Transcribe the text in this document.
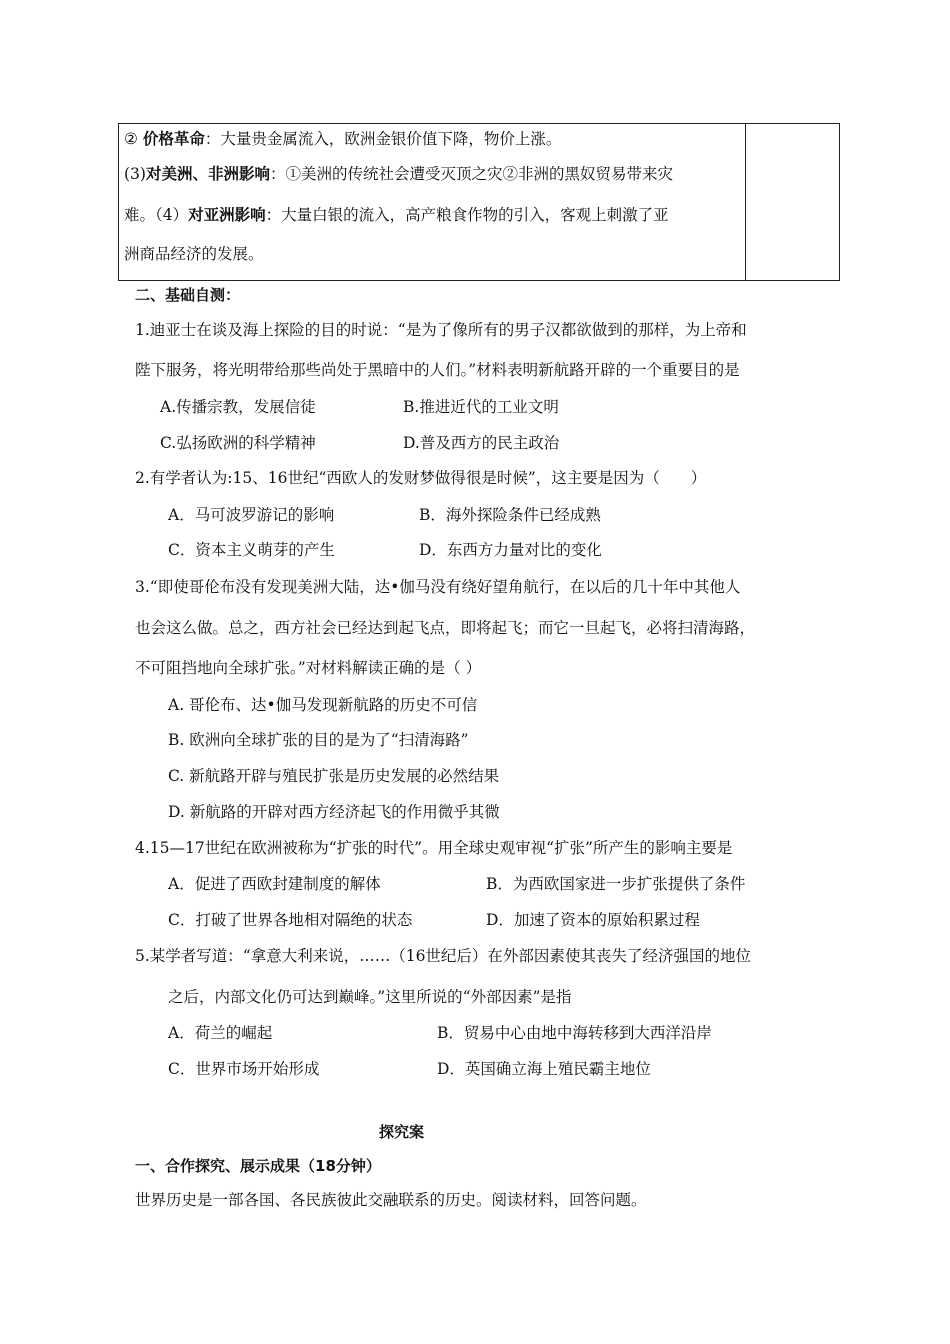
② 价格革命：大量贵金属流入，欧洲金银价值下降，物价上涨。
(3)对美洲、非洲影响：①美洲的传统社会遭受灭顶之灾②非洲的黑奴贸易带来灾
难。（4）对亚洲影响：大量白银的流入，高产粮食作物的引入，客观上刺激了亚
洲商品经济的发展。
二、基础自测：
1.迪亚士在谈及海上探险的目的时说：“是为了像所有的男子汉都欲做到的那样，为上帝和
陛下服务，将光明带给那些尚处于黑暗中的人们。”材料表明新航路开辟的一个重要目的是
A.传播宗教，发展信徒	B.推进近代的工业文明
C.弘扬欧洲的科学精神	D.普及西方的民主政治
2.有学者认为:15、16世纪“西欧人的发财梦做得很是时候”，这主要是因为（　　）
A．马可波罗游记的影响	B．海外探险条件已经成熟
C．资本主义萌芽的产生	D．东西方力量对比的变化
3.“即使哥伦布没有发现美洲大陆，达•伽马没有绕好望角航行，在以后的几十年中其他人
也会这么做。总之，西方社会已经达到起飞点，即将起飞；而它一旦起飞，必将扫清海路，
不可阻挡地向全球扩张。”对材料解读正确的是（ ）
A. 哥伦布、达•伽马发现新航路的历史不可信
B. 欧洲向全球扩张的目的是为了“扫清海路”
C. 新航路开辟与殖民扩张是历史发展的必然结果
D. 新航路的开辟对西方经济起飞的作用微乎其微
4.15—17世纪在欧洲被称为“扩张的时代”。用全球史观审视“扩张”所产生的影响主要是
A．促进了西欧封建制度的解体	B．为西欧国家进一步扩张提供了条件
C．打破了世界各地相对隔绝的状态	D．加速了资本的原始积累过程
5.某学者写道：“拿意大利来说，……（16世纪后）在外部因素使其丧失了经济强国的地位
之后，内部文化仍可达到巅峰。”这里所说的“外部因素”是指
A．荷兰的崛起	B．贸易中心由地中海转移到大西洋沿岸
C．世界市场开始形成	D．英国确立海上殖民霸主地位
探究案
一、合作探究、展示成果（18分钟）
世界历史是一部各国、各民族彼此交融联系的历史。阅读材料，回答问题。
